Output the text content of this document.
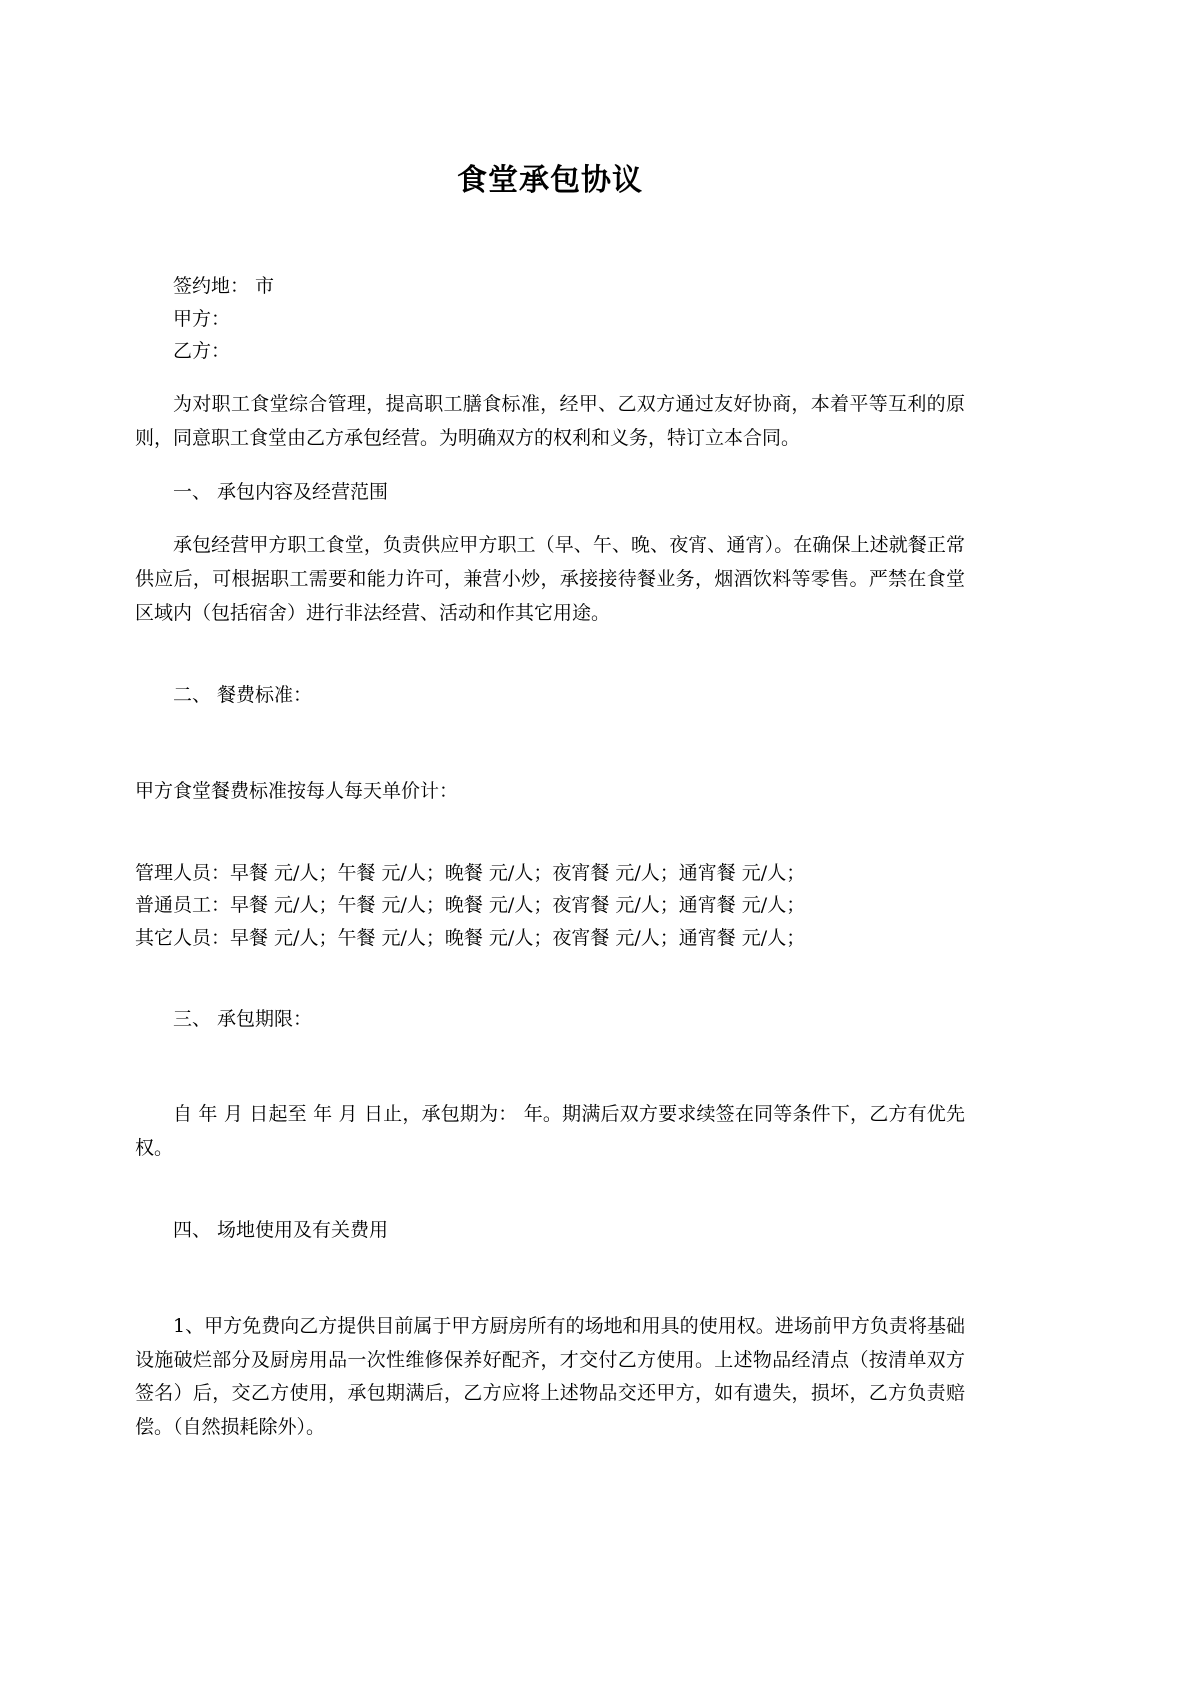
食堂承包协议
签约地： 市
甲方：
乙方：

为对职工食堂综合管理，提高职工膳食标准，经甲、乙双方通过友好协商，本着平等互利的原则，同意职工食堂由乙方承包经营。为明确双方的权利和义务，特订立本合同。

一、 承包内容及经营范围

承包经营甲方职工食堂，负责供应甲方职工（早、午、晚、夜宵、通宵）。在确保上述就餐正常供应后，可根据职工需要和能力许可，兼营小炒，承接接待餐业务，烟酒饮料等零售。严禁在食堂区域内（包括宿舍）进行非法经营、活动和作其它用途。

二、 餐费标准：

甲方食堂餐费标准按每人每天单价计：

管理人员：早餐 元/人；午餐 元/人；晚餐 元/人；夜宵餐 元/人；通宵餐 元/人；
普通员工：早餐 元/人；午餐 元/人；晚餐 元/人；夜宵餐 元/人；通宵餐 元/人；
其它人员：早餐 元/人；午餐 元/人；晚餐 元/人；夜宵餐 元/人；通宵餐 元/人；

三、 承包期限：

自 年 月 日起至 年 月 日止，承包期为： 年。期满后双方要求续签在同等条件下，乙方有优先权。

四、 场地使用及有关费用

1、甲方免费向乙方提供目前属于甲方厨房所有的场地和用具的使用权。进场前甲方负责将基础设施破烂部分及厨房用品一次性维修保养好配齐，才交付乙方使用。上述物品经清点（按清单双方签名）后，交乙方使用，承包期满后，乙方应将上述物品交还甲方，如有遗失，损坏，乙方负责赔偿。（自然损耗除外）。
